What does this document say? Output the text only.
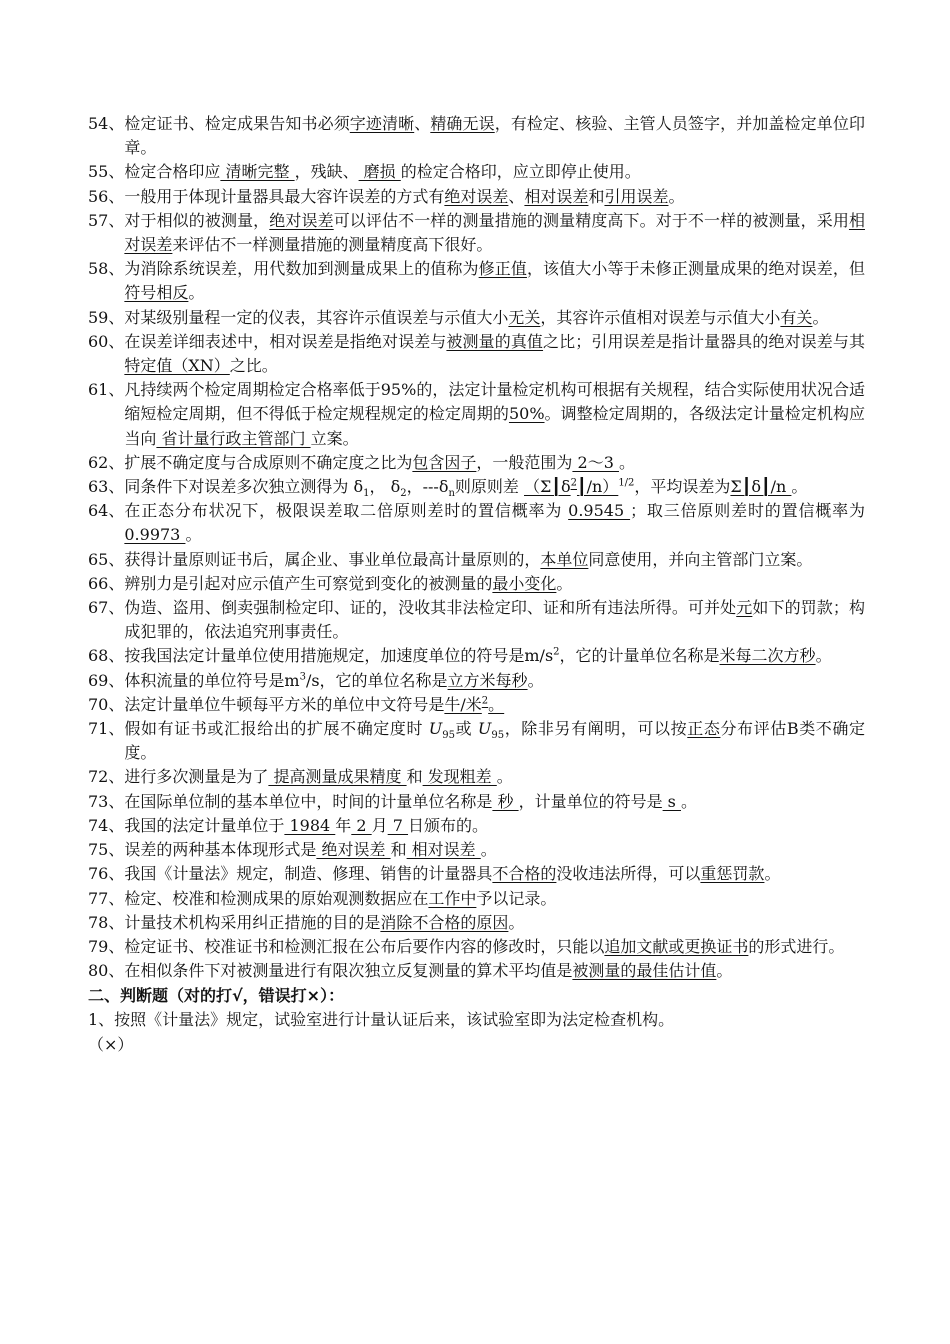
54、 检定证书、检定成果告知书必须字迹清晰、精确无误，有检定、核验、主管人员签字，并加盖检定单位印章。
55、 检定合格印应 清晰完整 ，残缺、 磨损 的检定合格印，应立即停止使用。
56、 一般用于体现计量器具最大容许误差的方式有绝对误差、相对误差和引用误差。
57、 对于相似的被测量，绝对误差可以评估不一样的测量措施的测量精度高下。对于不一样的被测量，采用相对误差来评估不一样测量措施的测量精度高下很好。
58、 为消除系统误差，用代数加到测量成果上的值称为修正值，该值大小等于未修正测量成果的绝对误差，但符号相反。
59、 对某级别量程一定的仪表，其容许示值误差与示值大小无关，其容许示值相对误差与示值大小有关。
60、 在误差详细表述中，相对误差是指绝对误差与被测量的真值之比；引用误差是指计量器具的绝对误差与其特定值（XN）之比。
61、 凡持续两个检定周期检定合格率低于95%的，法定计量检定机构可根据有关规程，结合实际使用状况合适缩短检定周期，但不得低于检定规程规定的检定周期的50%。调整检定周期的，各级法定计量检定机构应当向 省计量行政主管部门 立案。
62、 扩展不确定度与合成原则不确定度之比为包含因子，一般范围为 2～3 。
63、 同条件下对误差多次独立测得为 $\delta_1$， $\delta_2$，$---\delta_n$则原则差 $(\Sigma┃\delta^2┃/n)^{1/2}$，平均误差为Σ┃δ┃/n 。
64、 在正态分布状况下，极限误差取二倍原则差时的置信概率为 0.9545 ；取三倍原则差时的置信概率为 0.9973 。
65、 获得计量原则证书后，属企业、事业单位最高计量原则的，本单位同意使用，并向主管部门立案。
66、 辨别力是引起对应示值产生可察觉到变化的被测量的最小变化。
67、 伪造、盗用、倒卖强制检定印、证的，没收其非法检定印、证和所有违法所得。可并处元如下的罚款；构成犯罪的，依法追究刑事责任。
68、 按我国法定计量单位使用措施规定，加速度单位的符号是$m/s^2$，它的计量单位名称是米每二次方秒。
69、 体积流量的单位符号是$m^3/s$，它的单位名称是立方米每秒。
70、 法定计量单位牛顿每平方米的单位中文符号是牛/米$^2$。
71、 假如有证书或汇报给出的扩展不确定度时 $U_{95}$或 $U_{95}$，除非另有阐明，可以按正态分布评估B类不确定度。
72、 进行多次测量是为了 提高测量成果精度 和 发现粗差 。
73、 在国际单位制的基本单位中，时间的计量单位名称是 秒 ，计量单位的符号是 s 。
74、 我国的法定计量单位于 1984 年 2 月 7 日颁布的。
75、 误差的两种基本体现形式是 绝对误差 和 相对误差 。
76、 我国《计量法》规定，制造、修理、销售的计量器具不合格的没收违法所得，可以重惩罚款。
77、 检定、校准和检测成果的原始观测数据应在工作中予以记录。
78、 计量技术机构采用纠正措施的目的是消除不合格的原因。
79、 检定证书、校准证书和检测汇报在公布后要作内容的修改时，只能以追加文献或更换证书的形式进行。
80、 在相似条件下对被测量进行有限次独立反复测量的算术平均值是被测量的最佳估计值。
二、判断题（对的打√，错误打×）：
1、按照《计量法》规定，试验室进行计量认证后来，该试验室即为法定检查机构。
（×）
